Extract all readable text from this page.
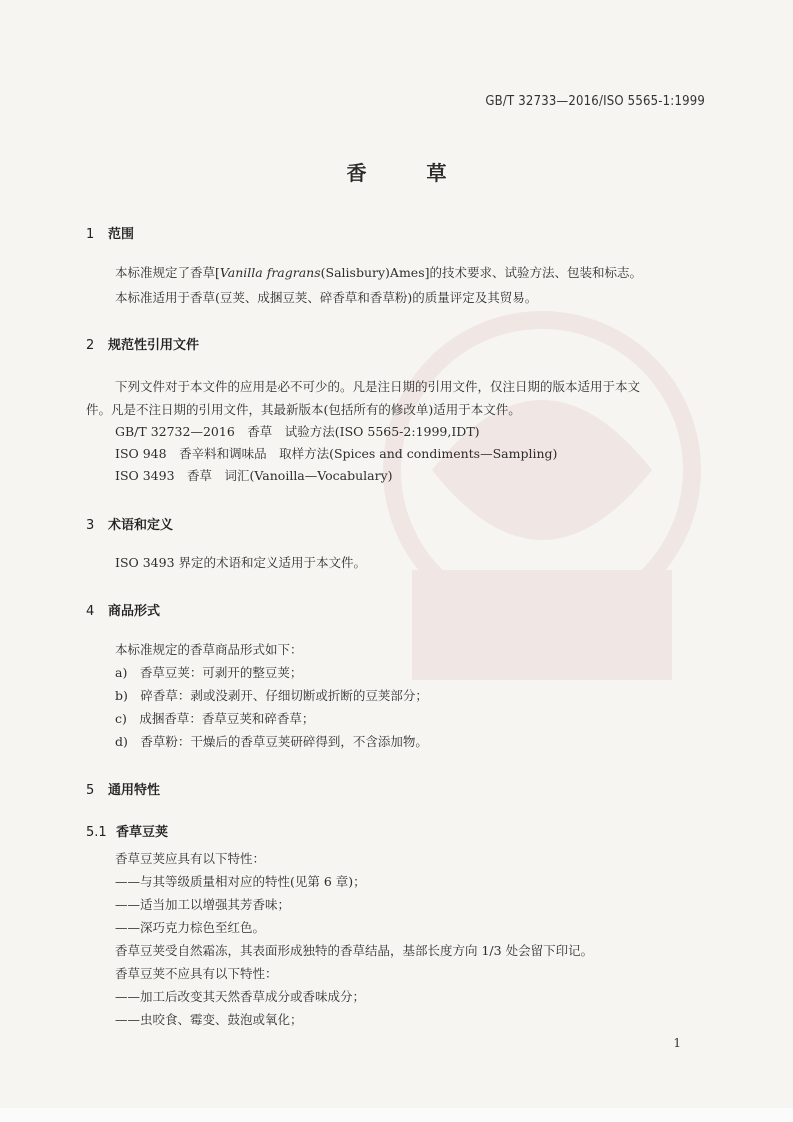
GB/T 32733—2016/ISO 5565-1:1999
香草
1 范围
本标准规定了香草[Vanilla fragrans(Salisbury)Ames]的技术要求、试验方法、包装和标志。
本标准适用于香草(豆荚、成捆豆荚、碎香草和香草粉)的质量评定及其贸易。
2 规范性引用文件
下列文件对于本文件的应用是必不可少的。凡是注日期的引用文件，仅注日期的版本适用于本文
件。凡是不注日期的引用文件，其最新版本(包括所有的修改单)适用于本文件。
GB/T 32732—2016　香草　试验方法(ISO 5565-2:1999,IDT)
ISO 948　香辛料和调味品　取样方法(Spices and condiments—Sampling)
ISO 3493　香草　词汇(Vanoilla—Vocabulary)
3 术语和定义
ISO 3493 界定的术语和定义适用于本文件。
4 商品形式
本标准规定的香草商品形式如下：
a)　香草豆荚：可剥开的整豆荚；
b)　碎香草：剥或没剥开、仔细切断或折断的豆荚部分；
c)　成捆香草：香草豆荚和碎香草；
d)　香草粉：干燥后的香草豆荚研碎得到，不含添加物。
5 通用特性
5.1 香草豆荚
香草豆荚应具有以下特性：
——与其等级质量相对应的特性(见第 6 章)；
——适当加工以增强其芳香味；
——深巧克力棕色至红色。
香草豆荚受自然霜冻，其表面形成独特的香草结晶，基部长度方向 1/3 处会留下印记。
香草豆荚不应具有以下特性：
——加工后改变其天然香草成分或香味成分；
——虫咬食、霉变、鼓泡或氧化；
1
